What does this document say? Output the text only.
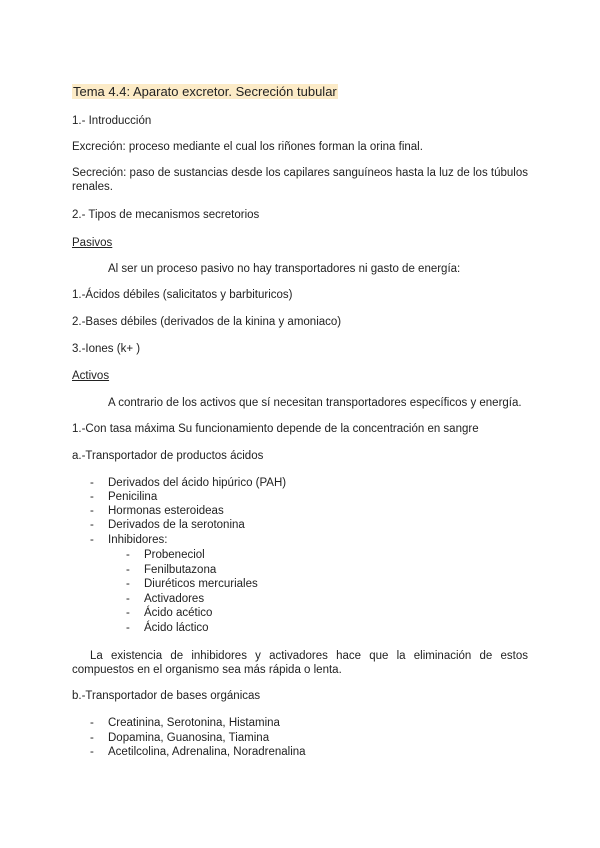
Tema 4.4: Aparato excretor. Secreción tubular
1.- Introducción
Excreción: proceso mediante el cual los riñones forman la orina final.
Secreción: paso de sustancias desde los capilares sanguíneos hasta la luz de los túbulos renales.
2.- Tipos de mecanismos secretorios
Pasivos
Al ser un proceso pasivo no hay transportadores ni gasto de energía:
1.-Ácidos débiles (salicitatos y barbituricos)
2.-Bases débiles (derivados de la kinina y amoniaco)
3.-Iones (k+ )
Activos
A contrario de los activos que sí necesitan transportadores específicos y energía.
1.-Con tasa máxima Su funcionamiento depende de la concentración en sangre
a.-Transportador de productos ácidos
- Derivados del ácido hipúrico (PAH)
- Penicilina
- Hormonas esteroideas
- Derivados de la serotonina
- Inhibidores:
- Probeneciol
- Fenilbutazona
- Diuréticos mercuriales
- Activadores
- Ácido acético
- Ácido láctico
La existencia de inhibidores y activadores hace que la eliminación de estos compuestos en el organismo sea más rápida o lenta.
b.-Transportador de bases orgánicas
- Creatinina, Serotonina, Histamina
- Dopamina, Guanosina, Tiamina
- Acetilcolina, Adrenalina, Noradrenalina
